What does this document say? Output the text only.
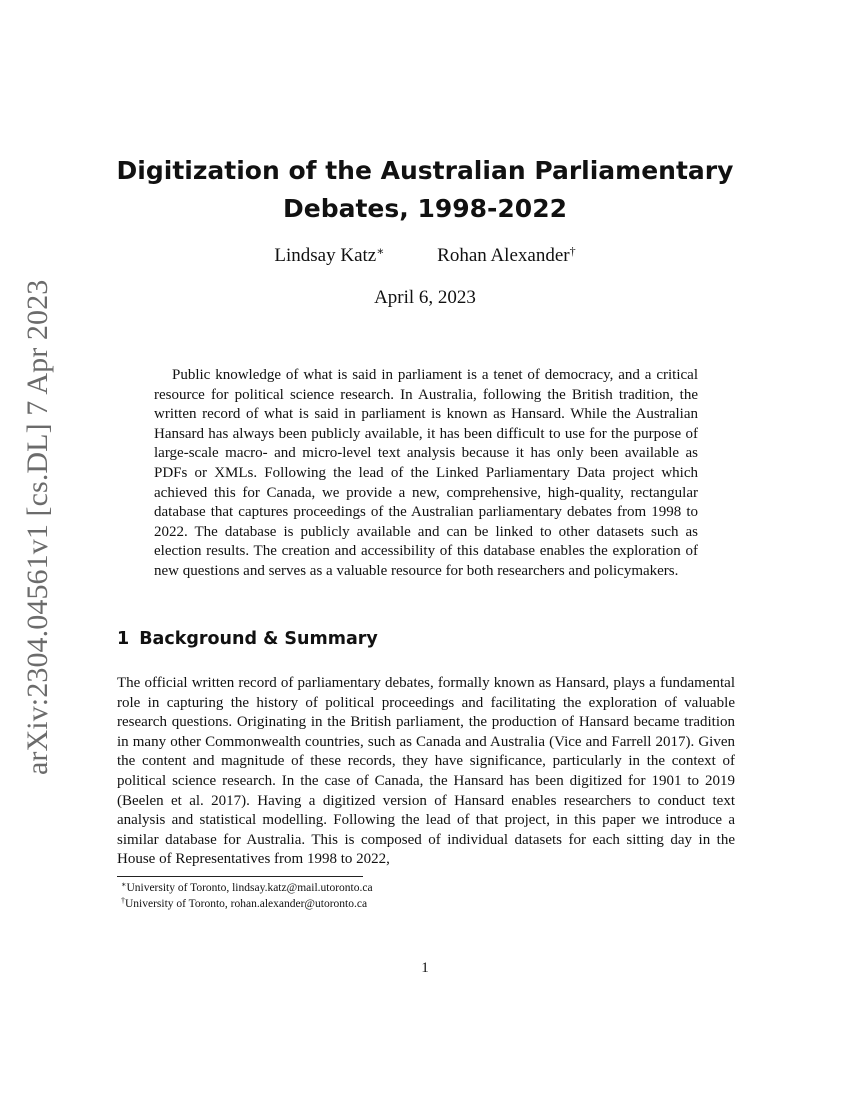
arXiv:2304.04561v1 [cs.DL] 7 Apr 2023
Digitization of the Australian Parliamentary Debates, 1998-2022
Lindsay Katz∗	Rohan Alexander†
April 6, 2023

Public knowledge of what is said in parliament is a tenet of democracy, and a critical resource for political science research. In Australia, following the British tradition, the written record of what is said in parliament is known as Hansard. While the Australian Hansard has always been publicly available, it has been difficult to use for the purpose of large-scale macro- and micro-level text analysis because it has only been available as PDFs or XMLs. Following the lead of the Linked Parliamentary Data project which achieved this for Canada, we provide a new, comprehensive, high-quality, rectangular database that captures proceedings of the Australian parliamentary debates from 1998 to 2022. The database is publicly available and can be linked to other datasets such as election results. The creation and accessibility of this database enables the exploration of new questions and serves as a valuable resource for both researchers and policymakers.

1 Background & Summary

The official written record of parliamentary debates, formally known as Hansard, plays a fundamental role in capturing the history of political proceedings and facilitating the exploration of valuable research questions. Originating in the British parliament, the production of Hansard became tradition in many other Commonwealth countries, such as Canada and Australia (Vice and Farrell 2017). Given the content and magnitude of these records, they have significance, particularly in the context of political science research. In the case of Canada, the Hansard has been digitized for 1901 to 2019 (Beelen et al. 2017). Having a digitized version of Hansard enables researchers to conduct text analysis and statistical modelling. Following the lead of that project, in this paper we introduce a similar database for Australia. This is composed of individual datasets for each sitting day in the House of Representatives from 1998 to 2022,

∗University of Toronto, lindsay.katz@mail.utoronto.ca
†University of Toronto, rohan.alexander@utoronto.ca
1
